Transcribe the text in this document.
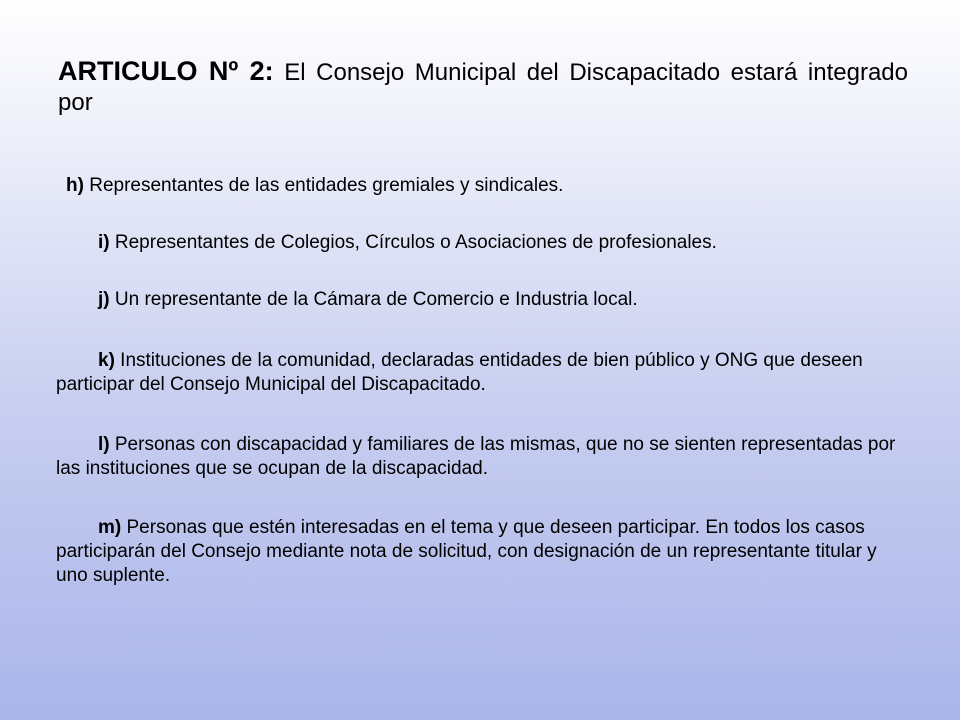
ARTICULO Nº 2: El Consejo Municipal del Discapacitado estará integrado por

h) Representantes de las entidades gremiales y sindicales.

i) Representantes de Colegios, Círculos o Asociaciones de profesionales.

j) Un representante de la Cámara de Comercio e Industria local.

k) Instituciones de la comunidad, declaradas entidades de bien público y ONG que deseen participar del Consejo Municipal del Discapacitado.

l) Personas con discapacidad y familiares de las mismas, que no se sienten representadas por las instituciones que se ocupan de la discapacidad.

m) Personas que estén interesadas en el tema y que deseen participar. En todos los casos participarán del Consejo mediante nota de solicitud, con designación de un representante titular y uno suplente.
